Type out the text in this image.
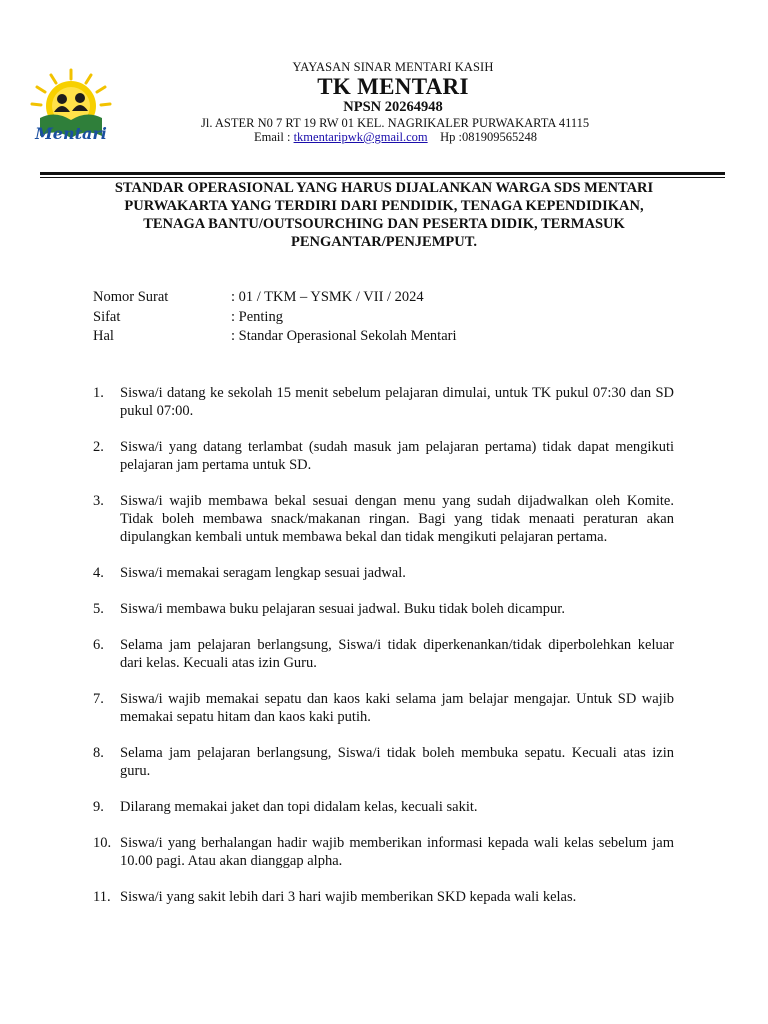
Mentari
YAYASAN SINAR MENTARI KASIH
TK MENTARI
NPSN 20264948
Jl. ASTER N0 7 RT 19 RW 01 KEL. NAGRIKALER PURWAKARTA 41115
Email : tkmentaripwk@gmail.com Hp :081909565248
STANDAR OPERASIONAL YANG HARUS DIJALANKAN WARGA SDS MENTARI PURWAKARTA YANG TERDIRI DARI PENDIDIK, TENAGA KEPENDIDIKAN, TENAGA BANTU/OUTSOURCHING DAN PESERTA DIDIK, TERMASUK PENGANTAR/PENJEMPUT.
Nomor Surat	: 01 / TKM – YSMK / VII / 2024
Sifat	: Penting
Hal	: Standar Operasional Sekolah Mentari
1.	Siswa/i datang ke sekolah 15 menit sebelum pelajaran dimulai, untuk TK pukul 07:30 dan SD pukul 07:00.
2.	Siswa/i yang datang terlambat (sudah masuk jam pelajaran pertama) tidak dapat mengikuti pelajaran jam pertama untuk SD.
3.	Siswa/i wajib membawa bekal sesuai dengan menu yang sudah dijadwalkan oleh Komite. Tidak boleh membawa snack/makanan ringan. Bagi yang tidak menaati peraturan akan dipulangkan kembali untuk membawa bekal dan tidak mengikuti pelajaran pertama.
4.	Siswa/i memakai seragam lengkap sesuai jadwal.
5.	Siswa/i membawa buku pelajaran sesuai jadwal. Buku tidak boleh dicampur.
6.	Selama jam pelajaran berlangsung, Siswa/i tidak diperkenankan/tidak diperbolehkan keluar dari kelas. Kecuali atas izin Guru.
7.	Siswa/i wajib memakai sepatu dan kaos kaki selama jam belajar mengajar. Untuk SD wajib memakai sepatu hitam dan kaos kaki putih.
8.	Selama jam pelajaran berlangsung, Siswa/i tidak boleh membuka sepatu. Kecuali atas izin guru.
9.	Dilarang memakai jaket dan topi didalam kelas, kecuali sakit.
10. Siswa/i yang berhalangan hadir wajib memberikan informasi kepada wali kelas sebelum jam 10.00 pagi. Atau akan dianggap alpha.
11. Siswa/i yang sakit lebih dari 3 hari wajib memberikan SKD kepada wali kelas.
